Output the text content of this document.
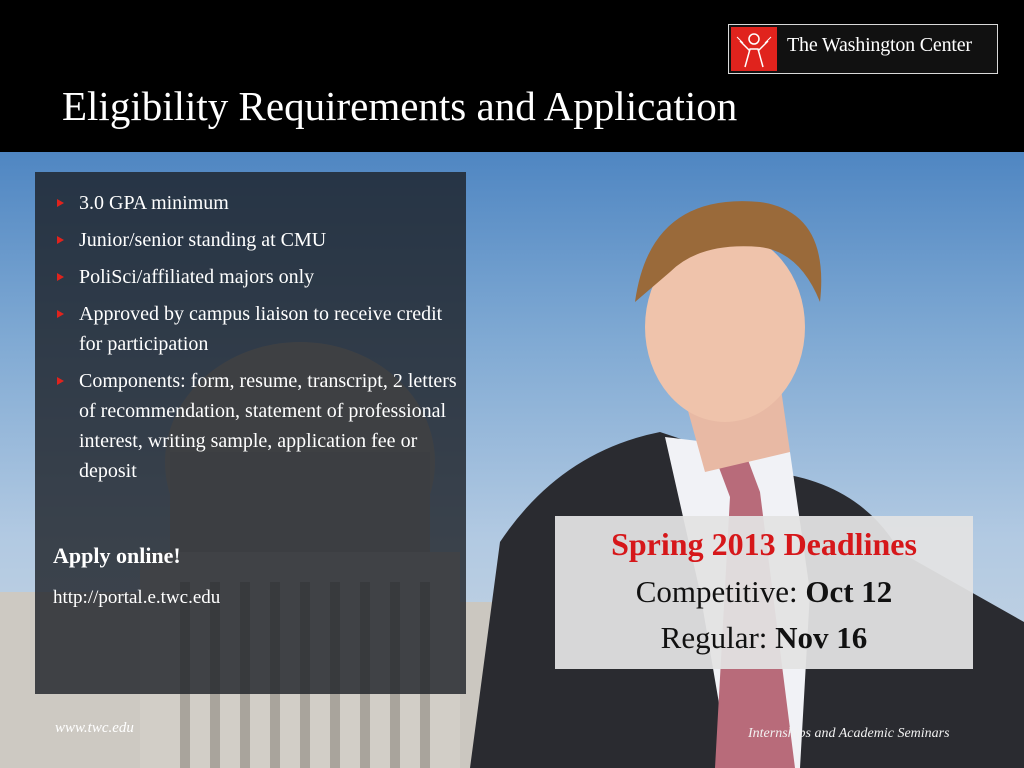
Eligibility Requirements and Application
The Washington Center
3.0 GPA minimum
Junior/senior standing at CMU
PoliSci/affiliated majors only
Approved by campus liaison to receive credit for participation
Components: form, resume, transcript, 2 letters of recommendation, statement of professional interest, writing sample, application fee or deposit
Apply online!
http://portal.e.twc.edu
Spring 2013 Deadlines
Competitive: Oct 12
Regular: Nov 16
www.twc.edu	Internships and Academic Seminars
